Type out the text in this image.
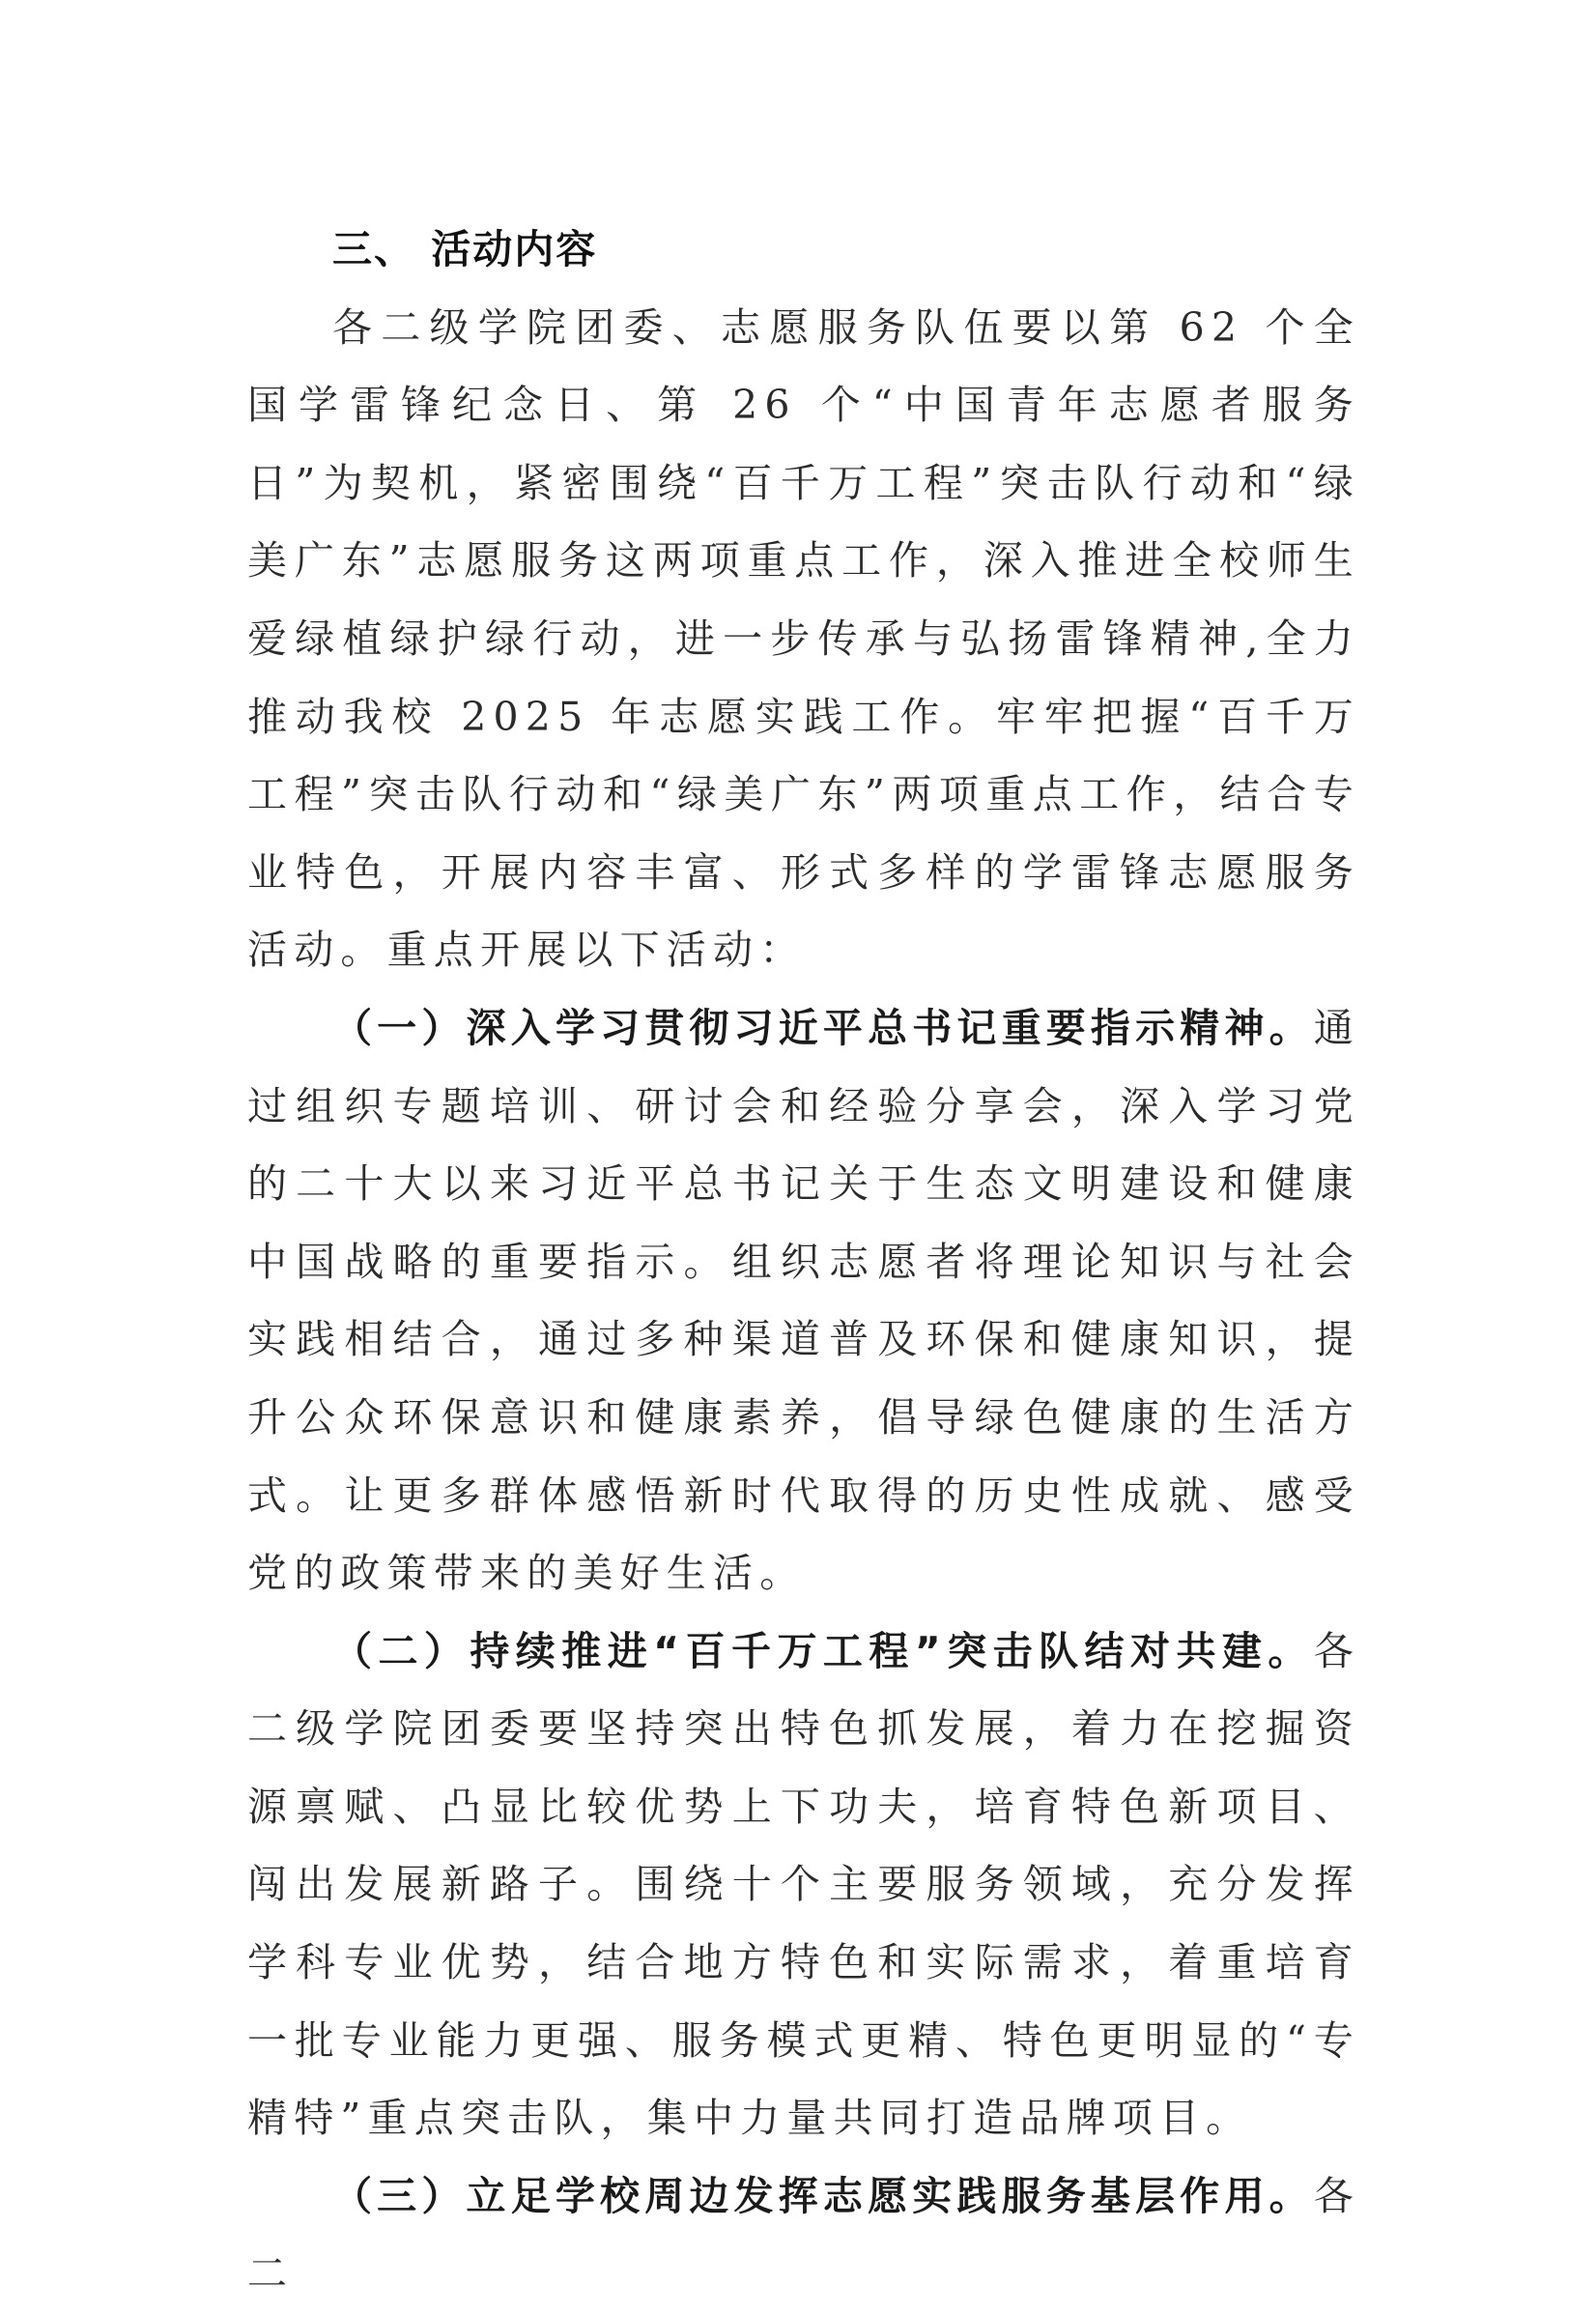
三、 活动内容

各二级学院团委、志愿服务队伍要以第 62 个全国学雷锋纪念日、第 26 个“中国青年志愿者服务日”为契机，紧密围绕“百千万工程”突击队行动和“绿美广东”志愿服务这两项重点工作，深入推进全校师生爱绿植绿护绿行动，进一步传承与弘扬雷锋精神,全力推动我校 2025 年志愿实践工作。牢牢把握“百千万工程”突击队行动和“绿美广东”两项重点工作，结合专业特色，开展内容丰富、形式多样的学雷锋志愿服务活动。重点开展以下活动：

（一）深入学习贯彻习近平总书记重要指示精神。通过组织专题培训、研讨会和经验分享会，深入学习党的二十大以来习近平总书记关于生态文明建设和健康中国战略的重要指示。组织志愿者将理论知识与社会实践相结合，通过多种渠道普及环保和健康知识，提升公众环保意识和健康素养，倡导绿色健康的生活方式。让更多群体感悟新时代取得的历史性成就、感受党的政策带来的美好生活。

（二）持续推进“百千万工程”突击队结对共建。各二级学院团委要坚持突出特色抓发展，着力在挖掘资源禀赋、凸显比较优势上下功夫，培育特色新项目、闯出发展新路子。围绕十个主要服务领域，充分发挥学科专业优势，结合地方特色和实际需求，着重培育一批专业能力更强、服务模式更精、特色更明显的“专精特”重点突击队，集中力量共同打造品牌项目。

（三）立足学校周边发挥志愿实践服务基层作用。各二
